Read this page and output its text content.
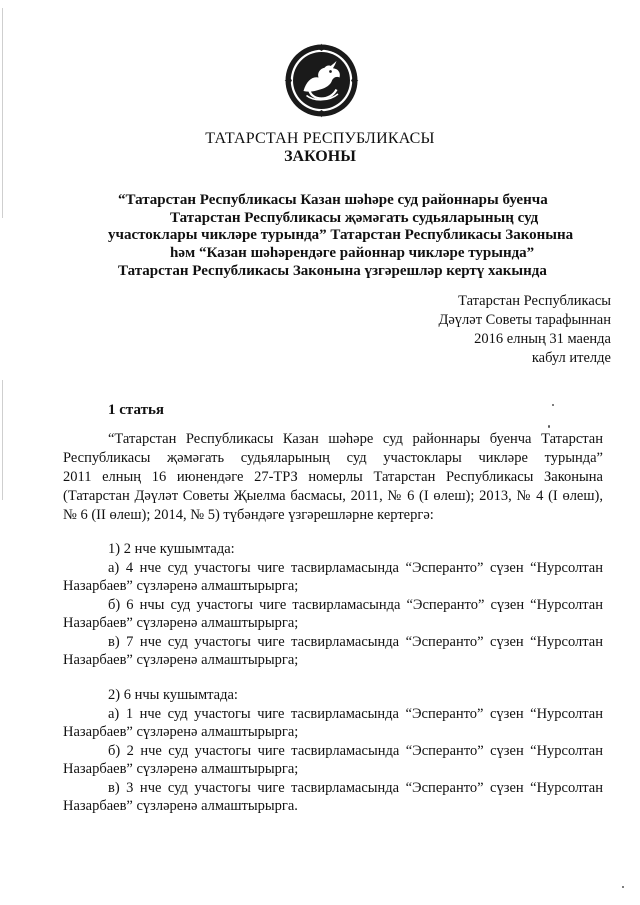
ТАТАРСТАН РЕСПУБЛИКАСЫ
ЗАКОНЫ
“Татарстан Республикасы Казан шәһәре суд районнары буенча
Татарстан Республикасы җәмәгать судьяларының суд
участоклары чикләре турында” Татарстан Республикасы Законына
һәм “Казан шәһәрендәге районнар чикләре турында”
Татарстан Республикасы Законына үзгәрешләр кертү хакында
Татарстан Республикасы
Дәүләт Советы тарафыннан
2016 елның 31 маенда
кабул ителде
1 статья
“Татарстан Республикасы Казан шәһәре суд районнары буенча Татарстан
Республикасы җәмәгать судьяларының суд участоклары чикләре турында”
2011 елның 16 июнендәге 27-ТРЗ номерлы Татарстан Республикасы Законына
(Татарстан Дәүләт Советы Җыелма басмасы, 2011, № 6 (I өлеш); 2013, № 4 (I өлеш),
№ 6 (II өлеш); 2014, № 5) түбәндәге үзгәрешләрне кертергә:
1) 2 нче кушымтада:
а) 4 нче суд участогы чиге тасвирламасында “Эсперанто” сүзен “Нурсолтан
Назарбаев” сүзләренә алмаштырырга;
б) 6 нчы суд участогы чиге тасвирламасында “Эсперанто” сүзен “Нурсолтан
Назарбаев” сүзләренә алмаштырырга;
в) 7 нче суд участогы чиге тасвирламасында “Эсперанто” сүзен “Нурсолтан
Назарбаев” сүзләренә алмаштырырга;
2) 6 нчы кушымтада:
а) 1 нче суд участогы чиге тасвирламасында “Эсперанто” сүзен “Нурсолтан
Назарбаев” сүзләренә алмаштырырга;
б) 2 нче суд участогы чиге тасвирламасында “Эсперанто” сүзен “Нурсолтан
Назарбаев” сүзләренә алмаштырырга;
в) 3 нче суд участогы чиге тасвирламасында “Эсперанто” сүзен “Нурсолтан
Назарбаев” сүзләренә алмаштырырга.
